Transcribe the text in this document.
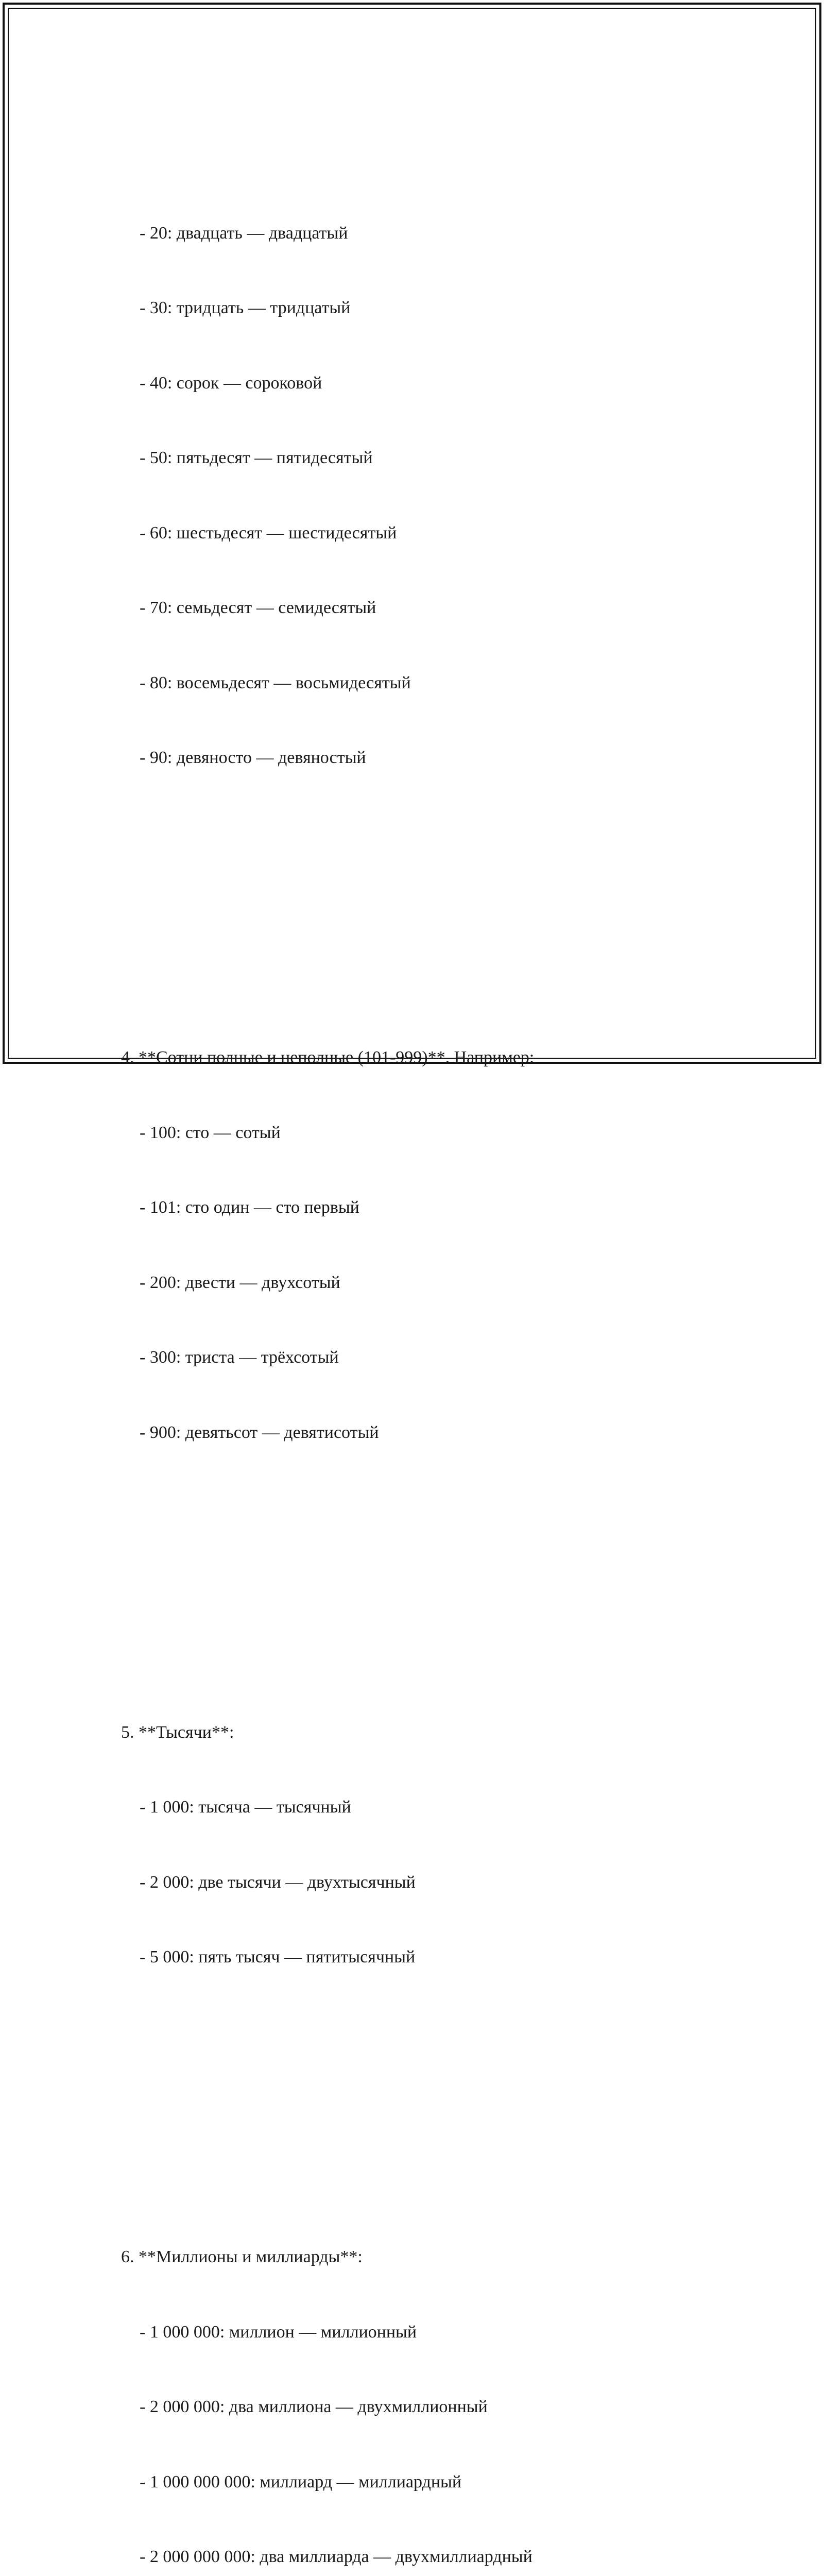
- 20: двадцать — двадцатый

- 30: тридцать — тридцатый

- 40: сорок — сороковой

- 50: пятьдесят — пятидесятый

- 60: шестьдесят — шестидесятый

- 70: семьдесят — семидесятый

- 80: восемьдесят — восьмидесятый

- 90: девяносто — девяностый

4. **Сотни полные и неполные (101-999)**. Например:

- 100: сто — сотый

- 101: сто один — сто первый

- 200: двести — двухсотый

- 300: триста — трёхсотый

- 900: девятьсот — девятисотый

5. **Тысячи**:

- 1 000: тысяча — тысячный

- 2 000: две тысячи — двухтысячный

- 5 000: пять тысяч — пятитысячный

6. **Миллионы и миллиарды**:

- 1 000 000: миллион — миллионный

- 2 000 000: два миллиона — двухмиллионный

- 1 000 000 000: миллиард — миллиардный

- 2 000 000 000: два миллиарда — двухмиллиардный
